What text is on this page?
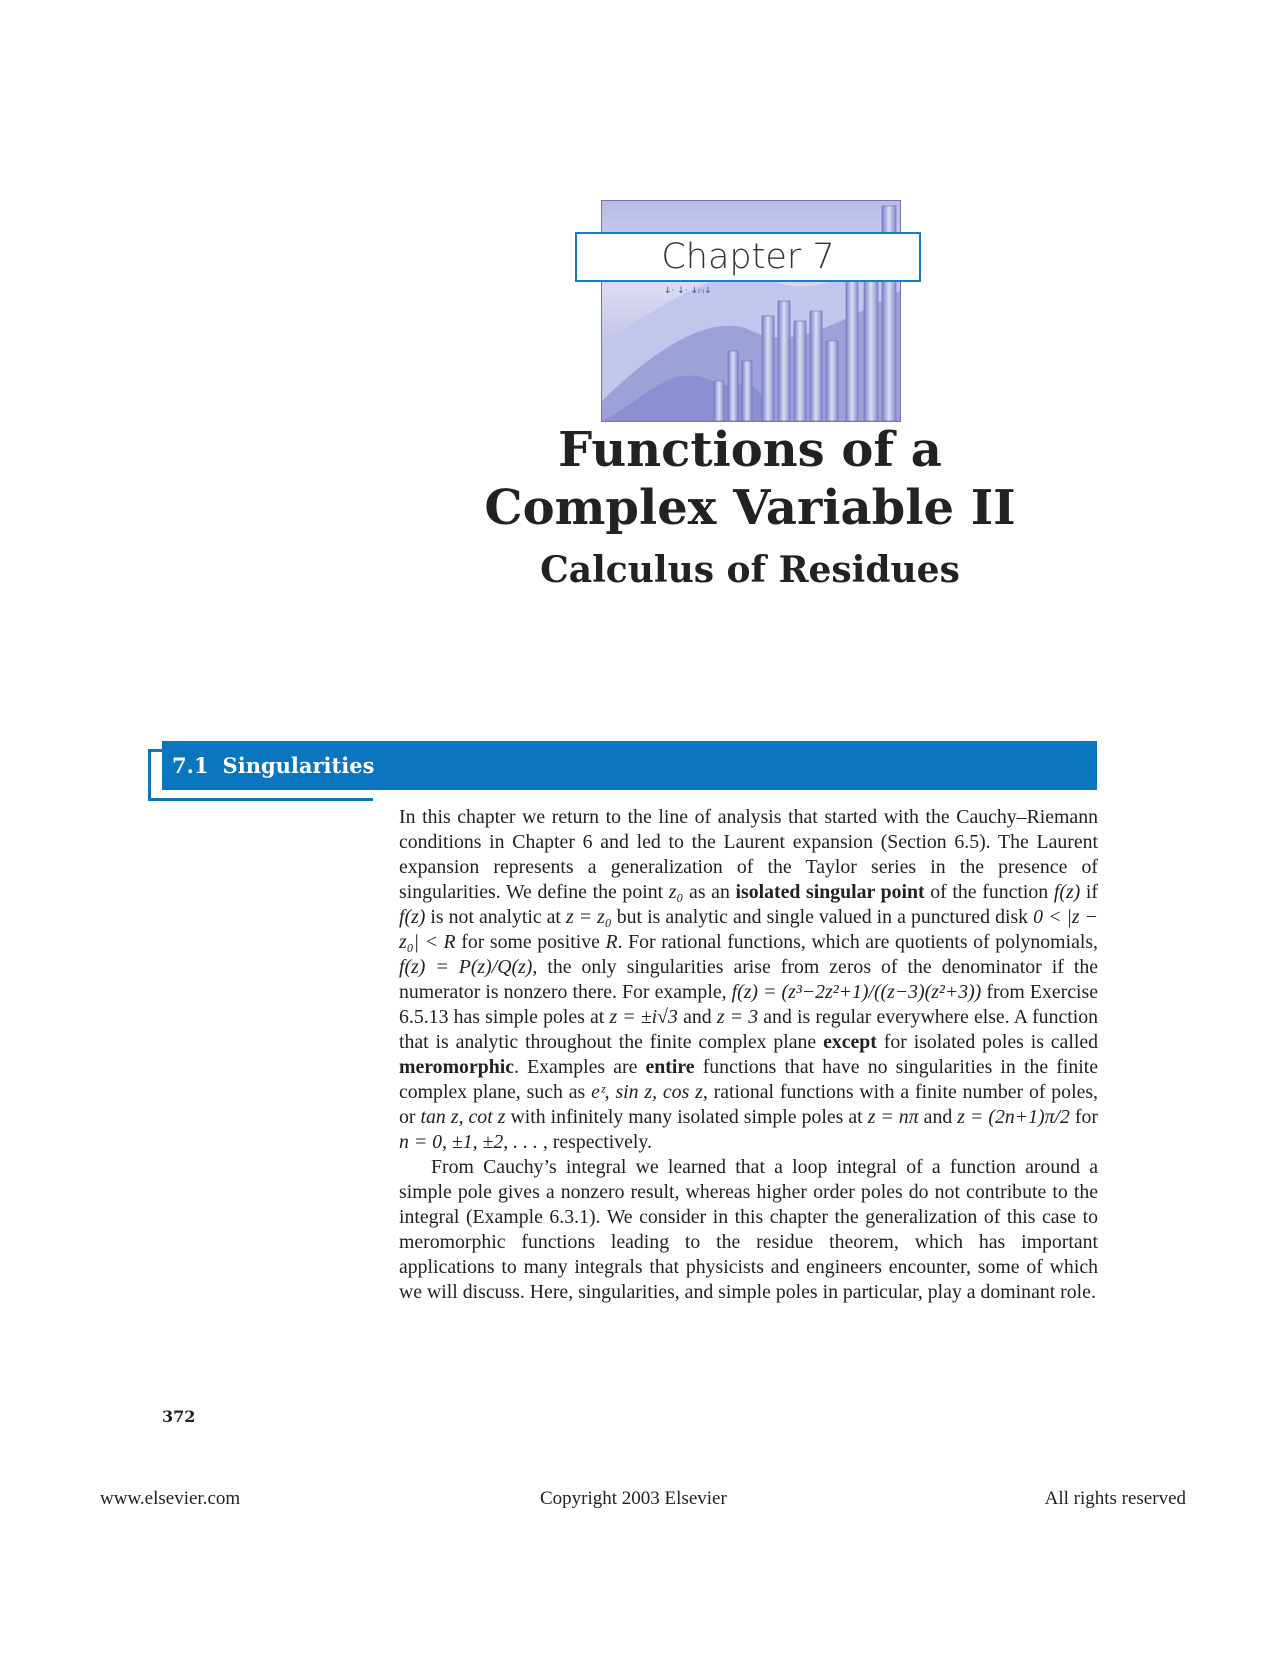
↓· ↓· ↓ᵢ·ᵢ↓
Chapter 7
Functions of a
Complex Variable II
Calculus of Residues
7.1 Singularities

In this chapter we return to the line of analysis that started with the Cauchy–Riemann conditions in Chapter 6 and led to the Laurent expansion (Section 6.5). The Laurent expansion represents a generalization of the Taylor series in the presence of singularities. We define the point z₀ as an isolated singular point of the function f(z) if f(z) is not analytic at z = z₀ but is analytic and single valued in a punctured disk 0 < |z − z₀| < R for some positive R. For rational functions, which are quotients of polynomials, f(z) = P(z)/Q(z), the only singularities arise from zeros of the denominator if the numerator is nonzero there. For example, f(z) = (z³−2z²+1)/((z−3)(z²+3)) from Exercise 6.5.13 has simple poles at z = ±i√3 and z = 3 and is regular everywhere else. A function that is analytic throughout the finite complex plane except for isolated poles is called meromorphic. Examples are entire functions that have no singularities in the finite complex plane, such as eᶻ, sin z, cos z, rational functions with a finite number of poles, or tan z, cot z with infinitely many isolated simple poles at z = nπ and z = (2n+1)π/2 for n = 0, ±1, ±2, . . . , respectively.

From Cauchy’s integral we learned that a loop integral of a function around a simple pole gives a nonzero result, whereas higher order poles do not contribute to the integral (Example 6.3.1). We consider in this chapter the generalization of this case to meromorphic functions leading to the residue theorem, which has important applications to many integrals that physicists and engineers encounter, some of which we will discuss. Here, singularities, and simple poles in particular, play a dominant role.

372
www.elsevier.com	Copyright 2003 Elsevier	All rights reserved
